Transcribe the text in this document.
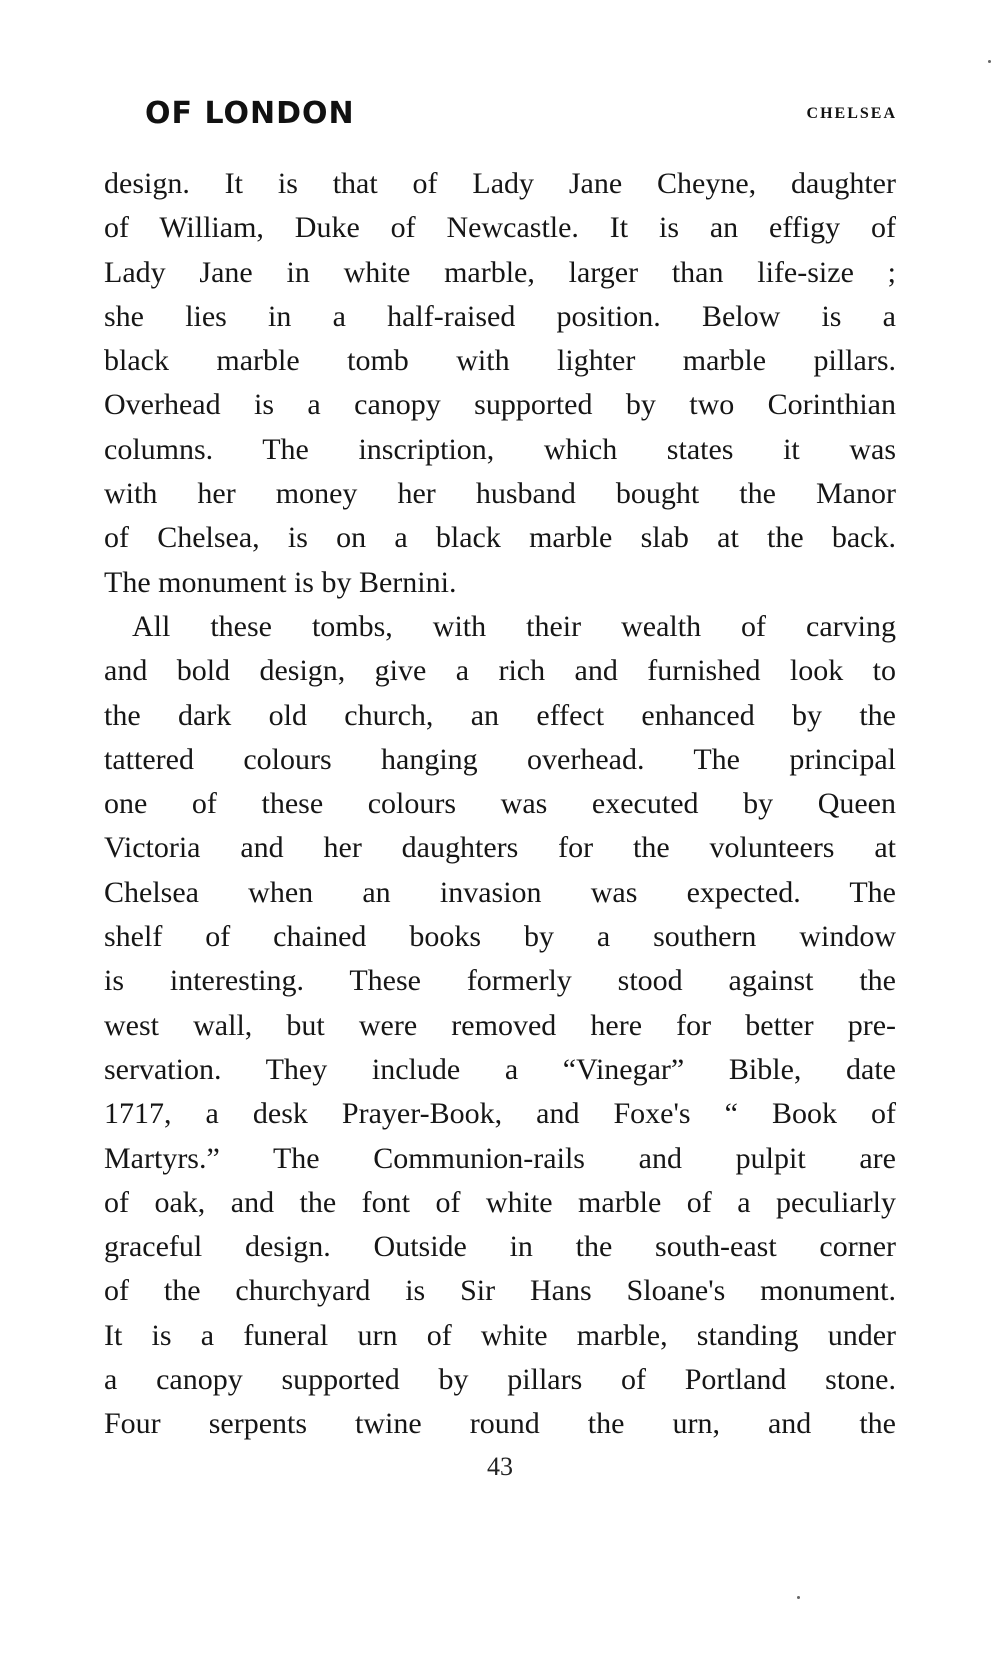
OF LONDON	CHELSEA
design. It is that of Lady Jane Cheyne, daughter
of William, Duke of Newcastle. It is an effigy of
Lady Jane in white marble, larger than life-size ;
she lies in a half-raised position. Below is a
black marble tomb with lighter marble pillars.
Overhead is a canopy supported by two Corinthian
columns. The inscription, which states it was
with her money her husband bought the Manor
of Chelsea, is on a black marble slab at the back.
The monument is by Bernini.
All these tombs, with their wealth of carving
and bold design, give a rich and furnished look to
the dark old church, an effect enhanced by the
tattered colours hanging overhead. The principal
one of these colours was executed by Queen
Victoria and her daughters for the volunteers at
Chelsea when an invasion was expected. The
shelf of chained books by a southern window
is interesting. These formerly stood against the
west wall, but were removed here for better pre-
servation. They include a “Vinegar” Bible, date
1717, a desk Prayer-Book, and Foxe's “ Book of
Martyrs.” The Communion-rails and pulpit are
of oak, and the font of white marble of a peculiarly
graceful design. Outside in the south-east corner
of the churchyard is Sir Hans Sloane's monument.
It is a funeral urn of white marble, standing under
a canopy supported by pillars of Portland stone.
Four serpents twine round the urn, and the
43
